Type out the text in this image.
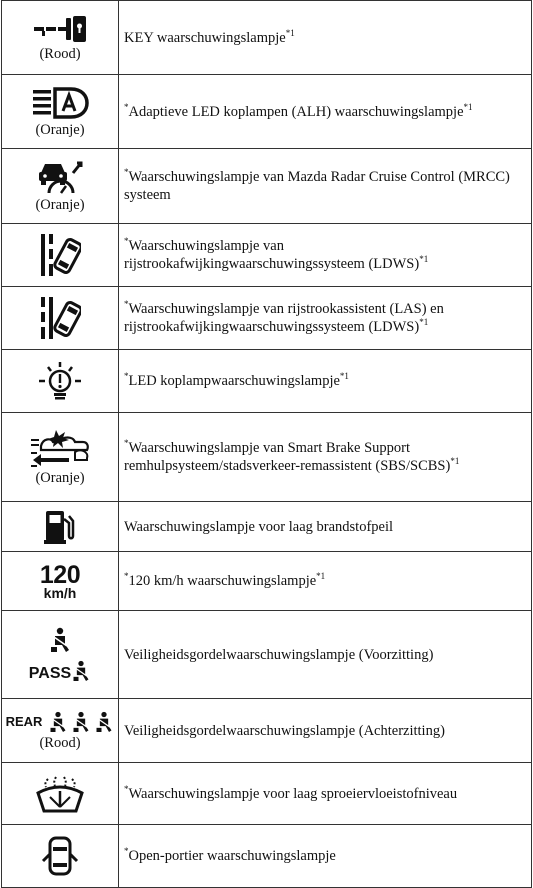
(Rood)	KEY waarschuwingslampje$^{*1}$

(Oranje)	*Adaptieve LED koplampen (ALH) waarschuwingslampje$^{*1}$

(Oranje)	*Waarschuwingslampje van Mazda Radar Cruise Control (MRCC) systeem

	*Waarschuwingslampje van rijstrookafwijkingwaarschuwingssysteem (LDWS)$^{*1}$

	*Waarschuwingslampje van rijstrookassistent (LAS) en rijstrookafwijkingwaarschuwingssysteem (LDWS)$^{*1}$

	*LED koplampwaarschuwingslampje$^{*1}$

(Oranje)	*Waarschuwingslampje van Smart Brake Support remhulpsysteem/stadsverkeer-remassistent (SBS/SCBS)$^{*1}$

	Waarschuwingslampje voor laag brandstofpeil

120
km/h	*120 km/h waarschuwingslampje$^{*1}$

PASS	Veiligheidsgordelwaarschuwingslampje (Voorzitting)

REAR
(Rood)	Veiligheidsgordelwaarschuwingslampje (Achterzitting)

	*Waarschuwingslampje voor laag sproeiervloeistofniveau

	*Open-portier waarschuwingslampje
